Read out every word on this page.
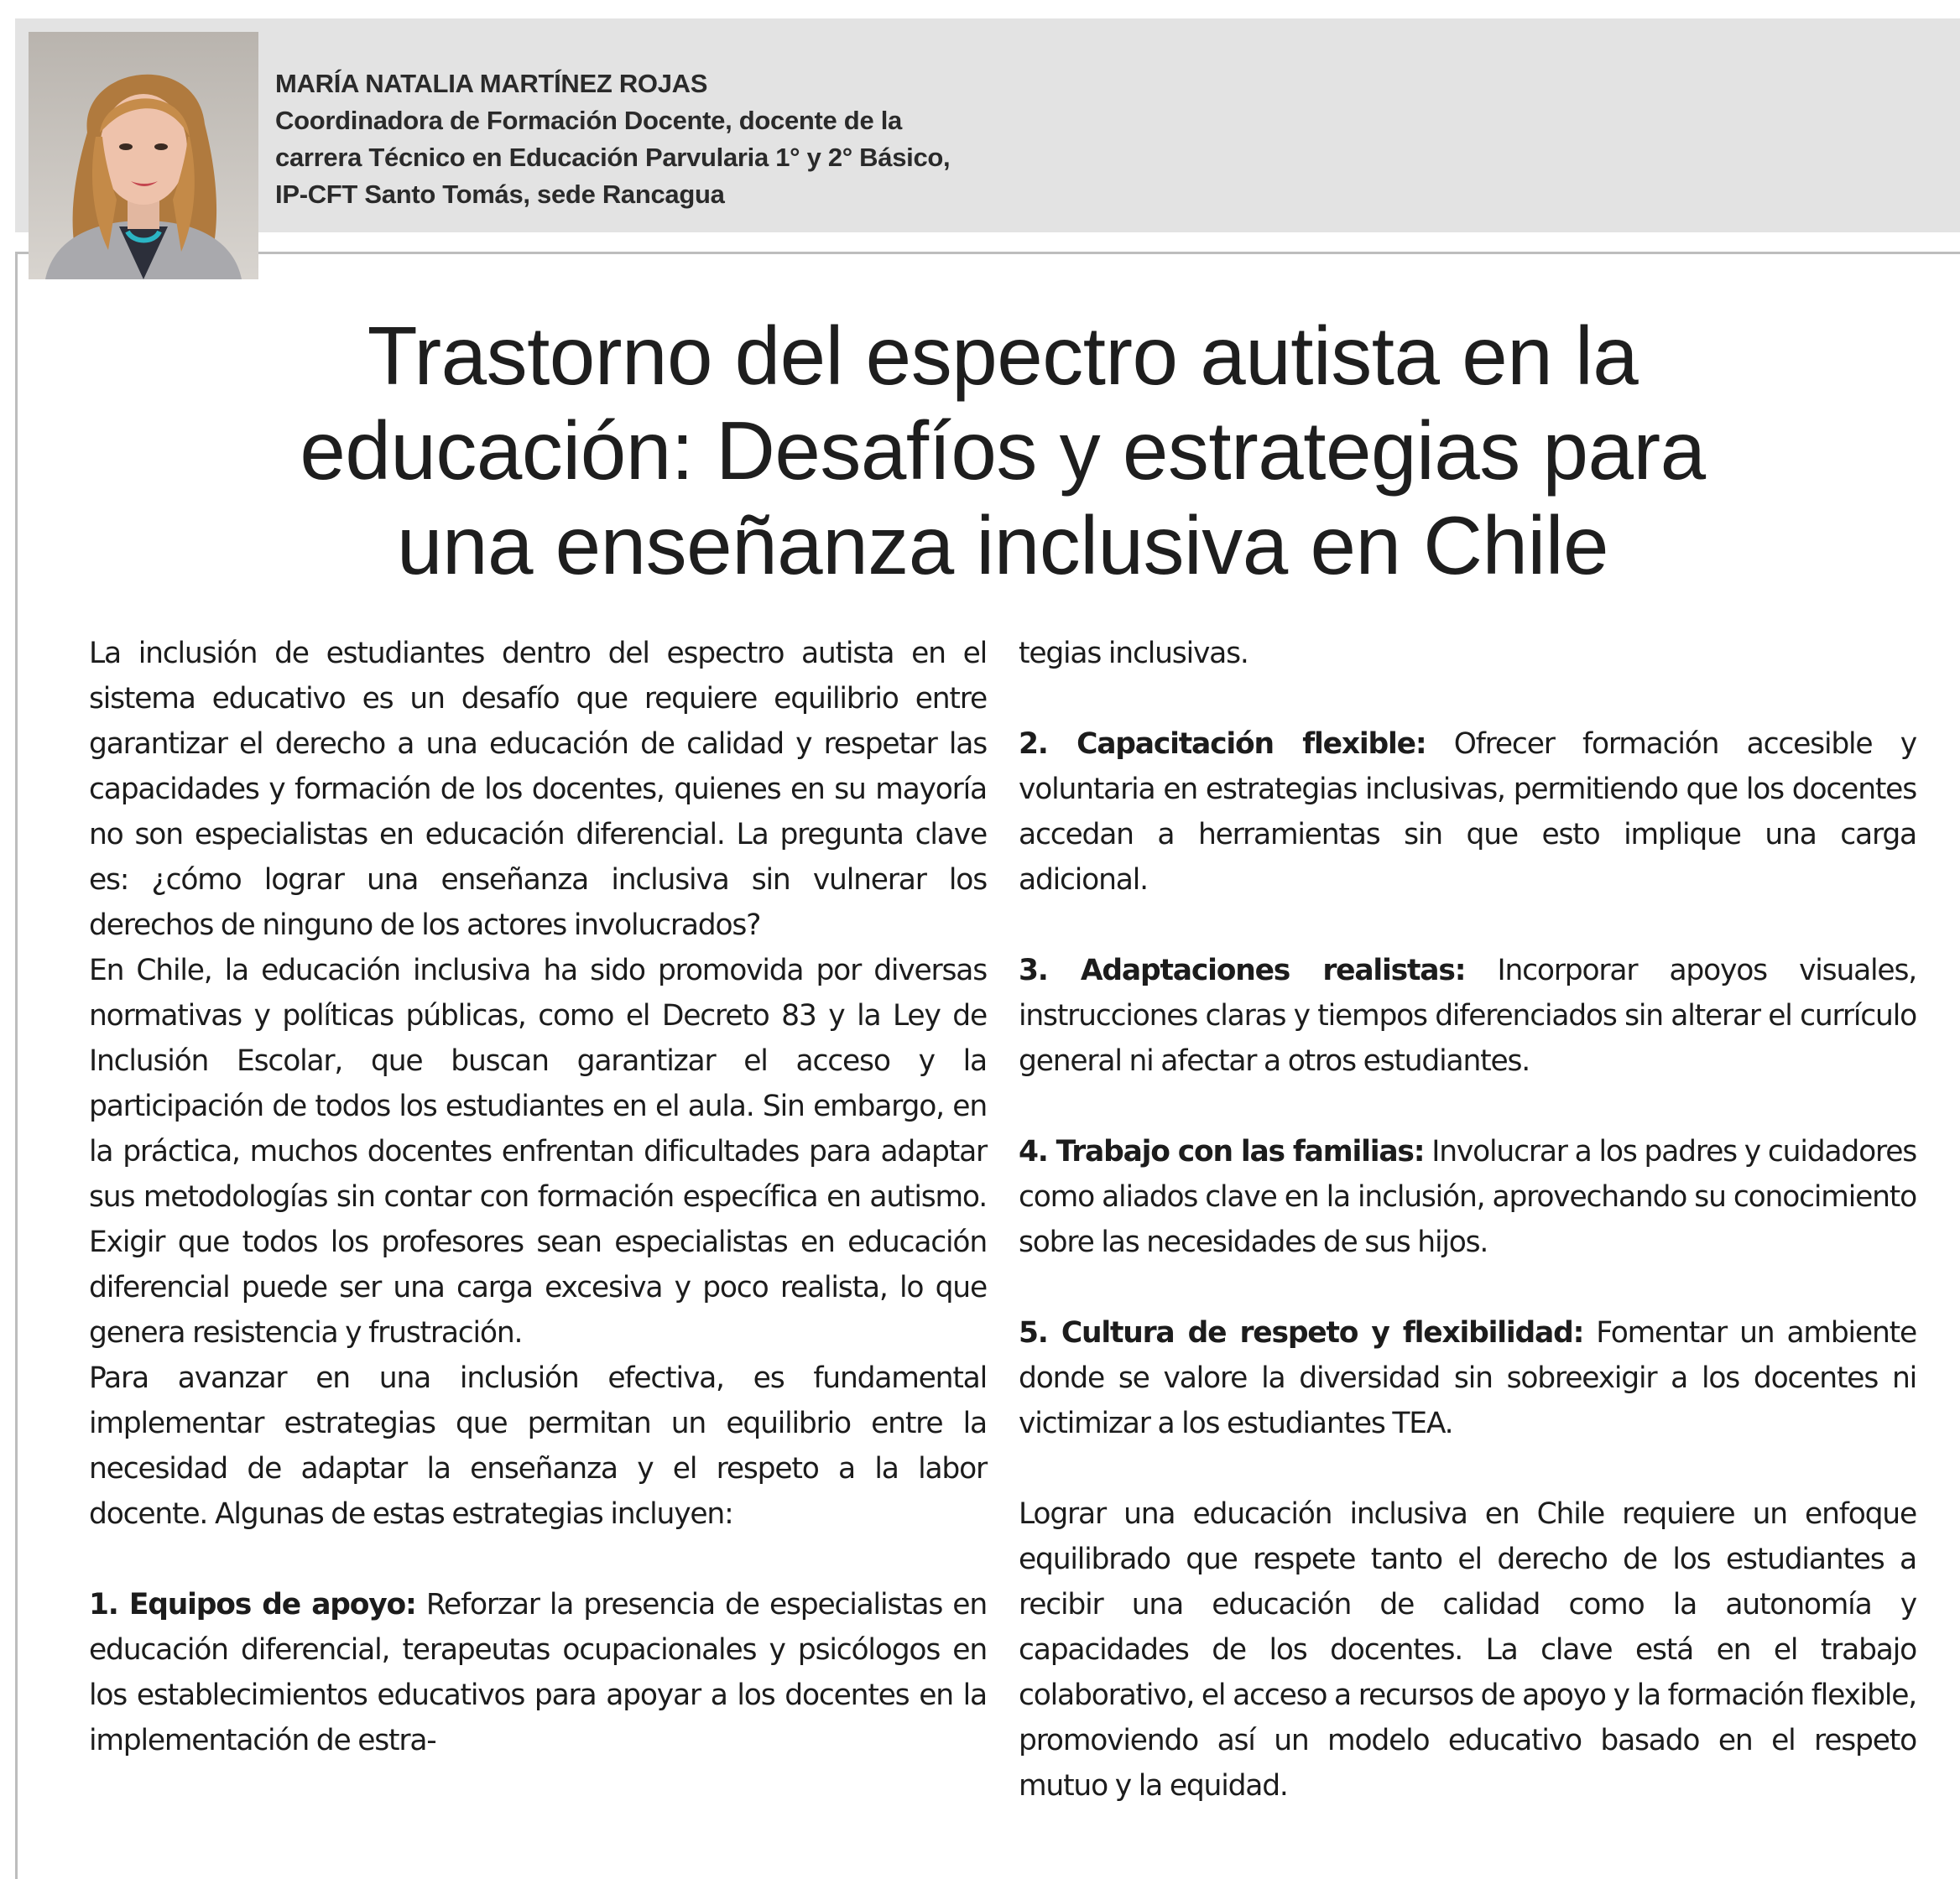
MARÍA NATALIA MARTÍNEZ ROJAS
Coordinadora de Formación Docente, docente de la
carrera Técnico en Educación Parvularia 1° y 2° Básico,
IP-CFT Santo Tomás, sede Rancagua
Trastorno del espectro autista en la
educación: Desafíos y estrategias para
una enseñanza inclusiva en Chile

La inclusión de estudiantes dentro del espectro autista en el sistema educativo es un desafío que requiere equilibrio entre garantizar el derecho a una educación de calidad y respetar las capacidades y formación de los docentes, quienes en su mayoría no son especialistas en educación diferencial. La pregunta clave es: ¿cómo lograr una enseñanza inclusiva sin vulnerar los derechos de ninguno de los actores involucrados?

En Chile, la educación inclusiva ha sido promovida por diversas normativas y políticas públicas, como el Decreto 83 y la Ley de Inclusión Escolar, que buscan garantizar el acceso y la participación de todos los estudiantes en el aula. Sin embargo, en la práctica, muchos docentes enfrentan dificultades para adaptar sus metodologías sin contar con formación específica en autismo. Exigir que todos los profesores sean especialistas en educación diferencial puede ser una carga excesiva y poco realista, lo que genera resistencia y frustración.

Para avanzar en una inclusión efectiva, es fundamental implementar estrategias que permitan un equilibrio entre la necesidad de adaptar la enseñanza y el respeto a la labor docente. Algunas de estas estrategias incluyen:

1. Equipos de apoyo: Reforzar la presencia de especialistas en educación diferencial, terapeutas ocupacionales y psicólogos en los establecimientos educativos para apoyar a los docentes en la implementación de estra-

tegias inclusivas.

2. Capacitación flexible: Ofrecer formación accesible y voluntaria en estrategias inclusivas, permitiendo que los docentes accedan a herramientas sin que esto implique una carga adicional.

3. Adaptaciones realistas: Incorporar apoyos visuales, instrucciones claras y tiempos diferenciados sin alterar el currículo general ni afectar a otros estudiantes.

4. Trabajo con las familias: Involucrar a los padres y cuidadores como aliados clave en la inclusión, aprovechando su conocimiento sobre las necesidades de sus hijos.

5. Cultura de respeto y flexibilidad: Fomentar un ambiente donde se valore la diversidad sin sobreexigir a los docentes ni victimizar a los estudiantes TEA.

Lograr una educación inclusiva en Chile requiere un enfoque equilibrado que respete tanto el derecho de los estudiantes a recibir una educación de calidad como la autonomía y capacidades de los docentes. La clave está en el trabajo colaborativo, el acceso a recursos de apoyo y la formación flexible, promoviendo así un modelo educativo basado en el respeto mutuo y la equidad.
